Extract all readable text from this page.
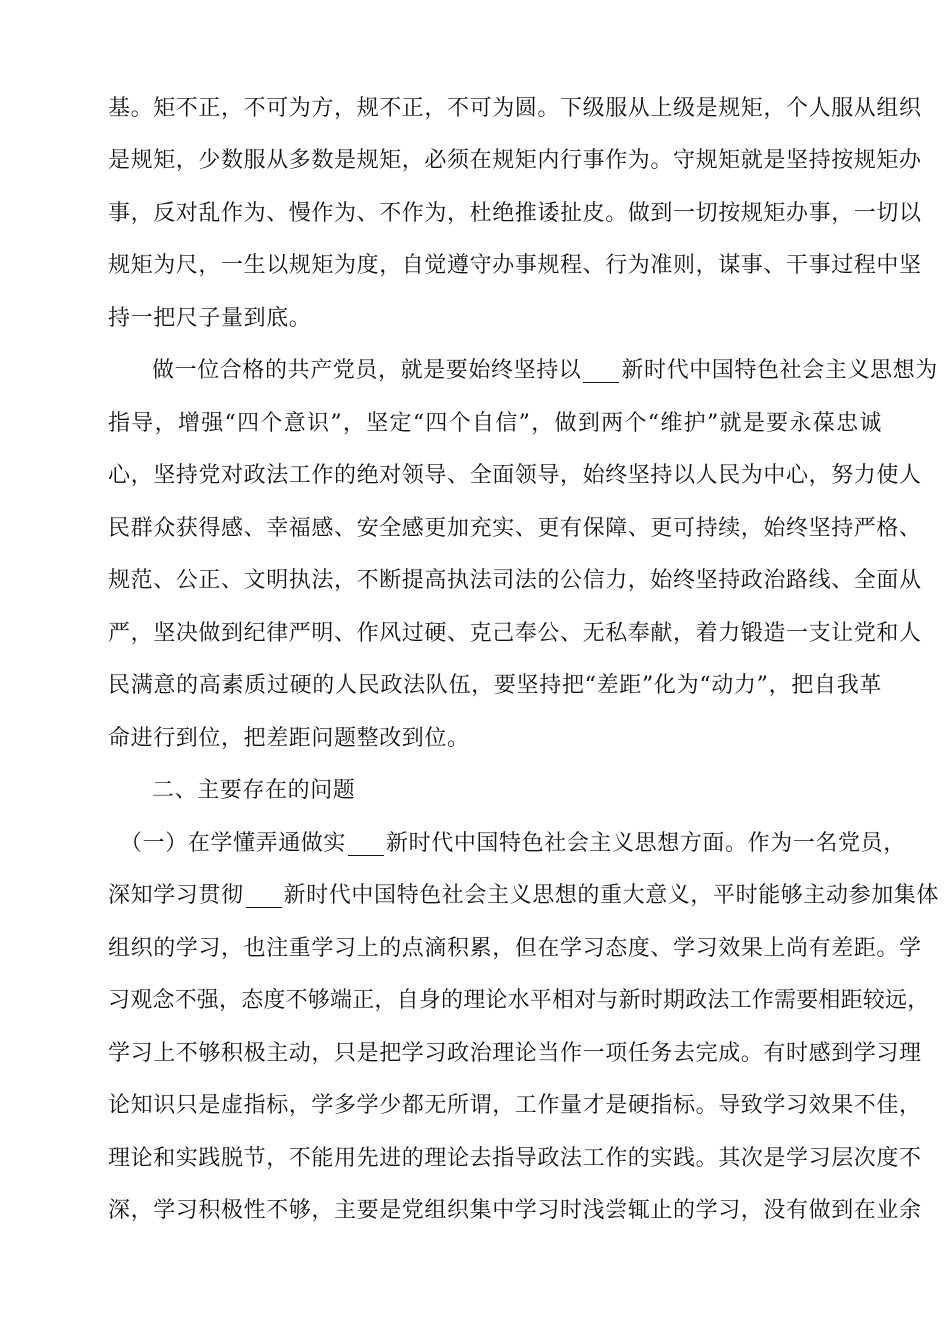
基。矩不正，不可为方，规不正，不可为圆。下级服从上级是规矩，个人服从组织
是规矩，少数服从多数是规矩，必须在规矩内行事作为。守规矩就是坚持按规矩办
事，反对乱作为、慢作为、不作为，杜绝推诿扯皮。做到一切按规矩办事，一切以
规矩为尺，一生以规矩为度，自觉遵守办事规程、行为准则，谋事、干事过程中坚
持一把尺子量到底。
做一位合格的共产党员，就是要始终坚持以 新时代中国特色社会主义思想为
指导，增强“四个意识”，坚定“四个自信”，做到两个“维护”就是要永葆忠诚
心，坚持党对政法工作的绝对领导、全面领导，始终坚持以人民为中心，努力使人
民群众获得感、幸福感、安全感更加充实、更有保障、更可持续，始终坚持严格、
规范、公正、文明执法，不断提高执法司法的公信力，始终坚持政治路线、全面从
严，坚决做到纪律严明、作风过硬、克己奉公、无私奉献，着力锻造一支让党和人
民满意的高素质过硬的人民政法队伍，要坚持把“差距”化为“动力”，把自我革
命进行到位，把差距问题整改到位。
二、主要存在的问题
（一）在学懂弄通做实 新时代中国特色社会主义思想方面。作为一名党员，
深知学习贯彻 新时代中国特色社会主义思想的重大意义，平时能够主动参加集体
组织的学习，也注重学习上的点滴积累，但在学习态度、学习效果上尚有差距。学
习观念不强，态度不够端正，自身的理论水平相对与新时期政法工作需要相距较远，
学习上不够积极主动，只是把学习政治理论当作一项任务去完成。有时感到学习理
论知识只是虚指标，学多学少都无所谓，工作量才是硬指标。导致学习效果不佳，
理论和实践脱节，不能用先进的理论去指导政法工作的实践。其次是学习层次度不
深，学习积极性不够，主要是党组织集中学习时浅尝辄止的学习，没有做到在业余
